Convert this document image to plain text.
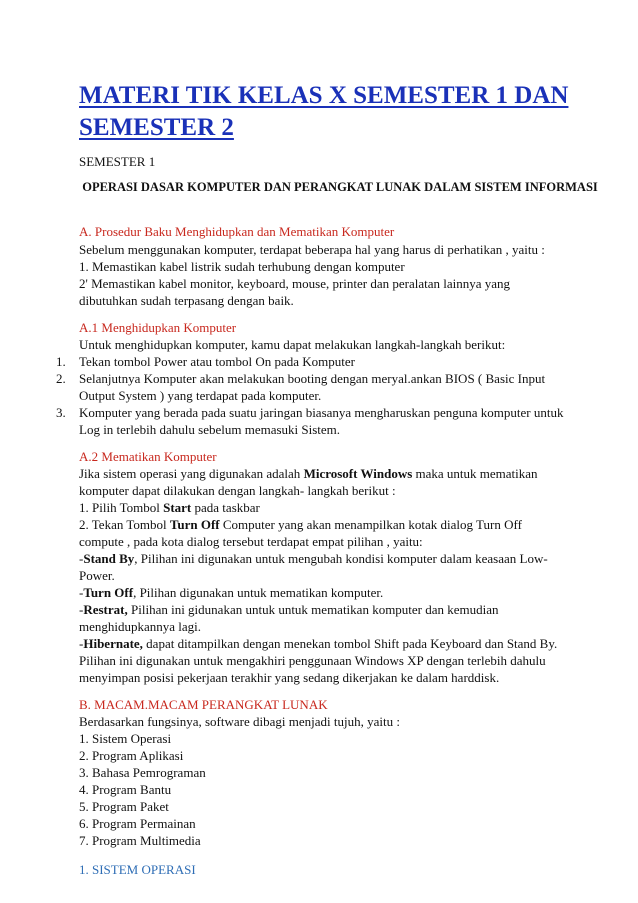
MATERI TIK KELAS X SEMESTER 1 DAN SEMESTER 2
SEMESTER 1
OPERASI DASAR KOMPUTER DAN PERANGKAT LUNAK DALAM SISTEM INFORMASI
A. Prosedur Baku Menghidupkan dan Mematikan Komputer
Sebelum menggunakan komputer, terdapat beberapa hal yang harus di perhatikan , yaitu :
1. Memastikan kabel listrik sudah terhubung dengan komputer
2' Memastikan kabel monitor, keyboard, mouse, printer dan peralatan lainnya yang
dibutuhkan sudah terpasang dengan baik.
A.1 Menghidupkan Komputer
Untuk menghidupkan komputer, kamu dapat melakukan langkah-langkah berikut:
1. Tekan tombol Power atau tombol On pada Komputer
2. Selanjutnya Komputer akan melakukan booting dengan meryal.ankan BIOS ( Basic Input
Output System ) yang terdapat pada komputer.
3. Komputer yang berada pada suatu jaringan biasanya mengharuskan penguna komputer untuk
Log in terlebih dahulu sebelum memasuki Sistem.
A.2 Mematikan Komputer
Jika sistem operasi yang digunakan adalah Microsoft Windows maka untuk mematikan
komputer dapat dilakukan dengan langkah- langkah berikut :
1. Pilih Tombol Start pada taskbar
2. Tekan Tombol Turn Off Computer yang akan menampilkan kotak dialog Turn Off
compute , pada kota dialog tersebut terdapat empat pilihan , yaitu:
-Stand By, Pilihan ini digunakan untuk mengubah kondisi komputer dalam keasaan Low-
Power.
-Turn Off, Pilihan digunakan untuk mematikan komputer.
-Restrat, Pilihan ini gidunakan untuk untuk mematikan komputer dan kemudian
menghidupkannya lagi.
-Hibernate, dapat ditampilkan dengan menekan tombol Shift pada Keyboard dan Stand By.
Pilihan ini digunakan untuk mengakhiri penggunaan Windows XP dengan terlebih dahulu
menyimpan posisi pekerjaan terakhir yang sedang dikerjakan ke dalam harddisk.
B. MACAM.MACAM PERANGKAT LUNAK
Berdasarkan fungsinya, software dibagi menjadi tujuh, yaitu :
1. Sistem Operasi
2. Program Aplikasi
3. Bahasa Pemrograman
4. Program Bantu
5. Program Paket
6. Program Permainan
7. Program Multimedia
1. SISTEM OPERASI
